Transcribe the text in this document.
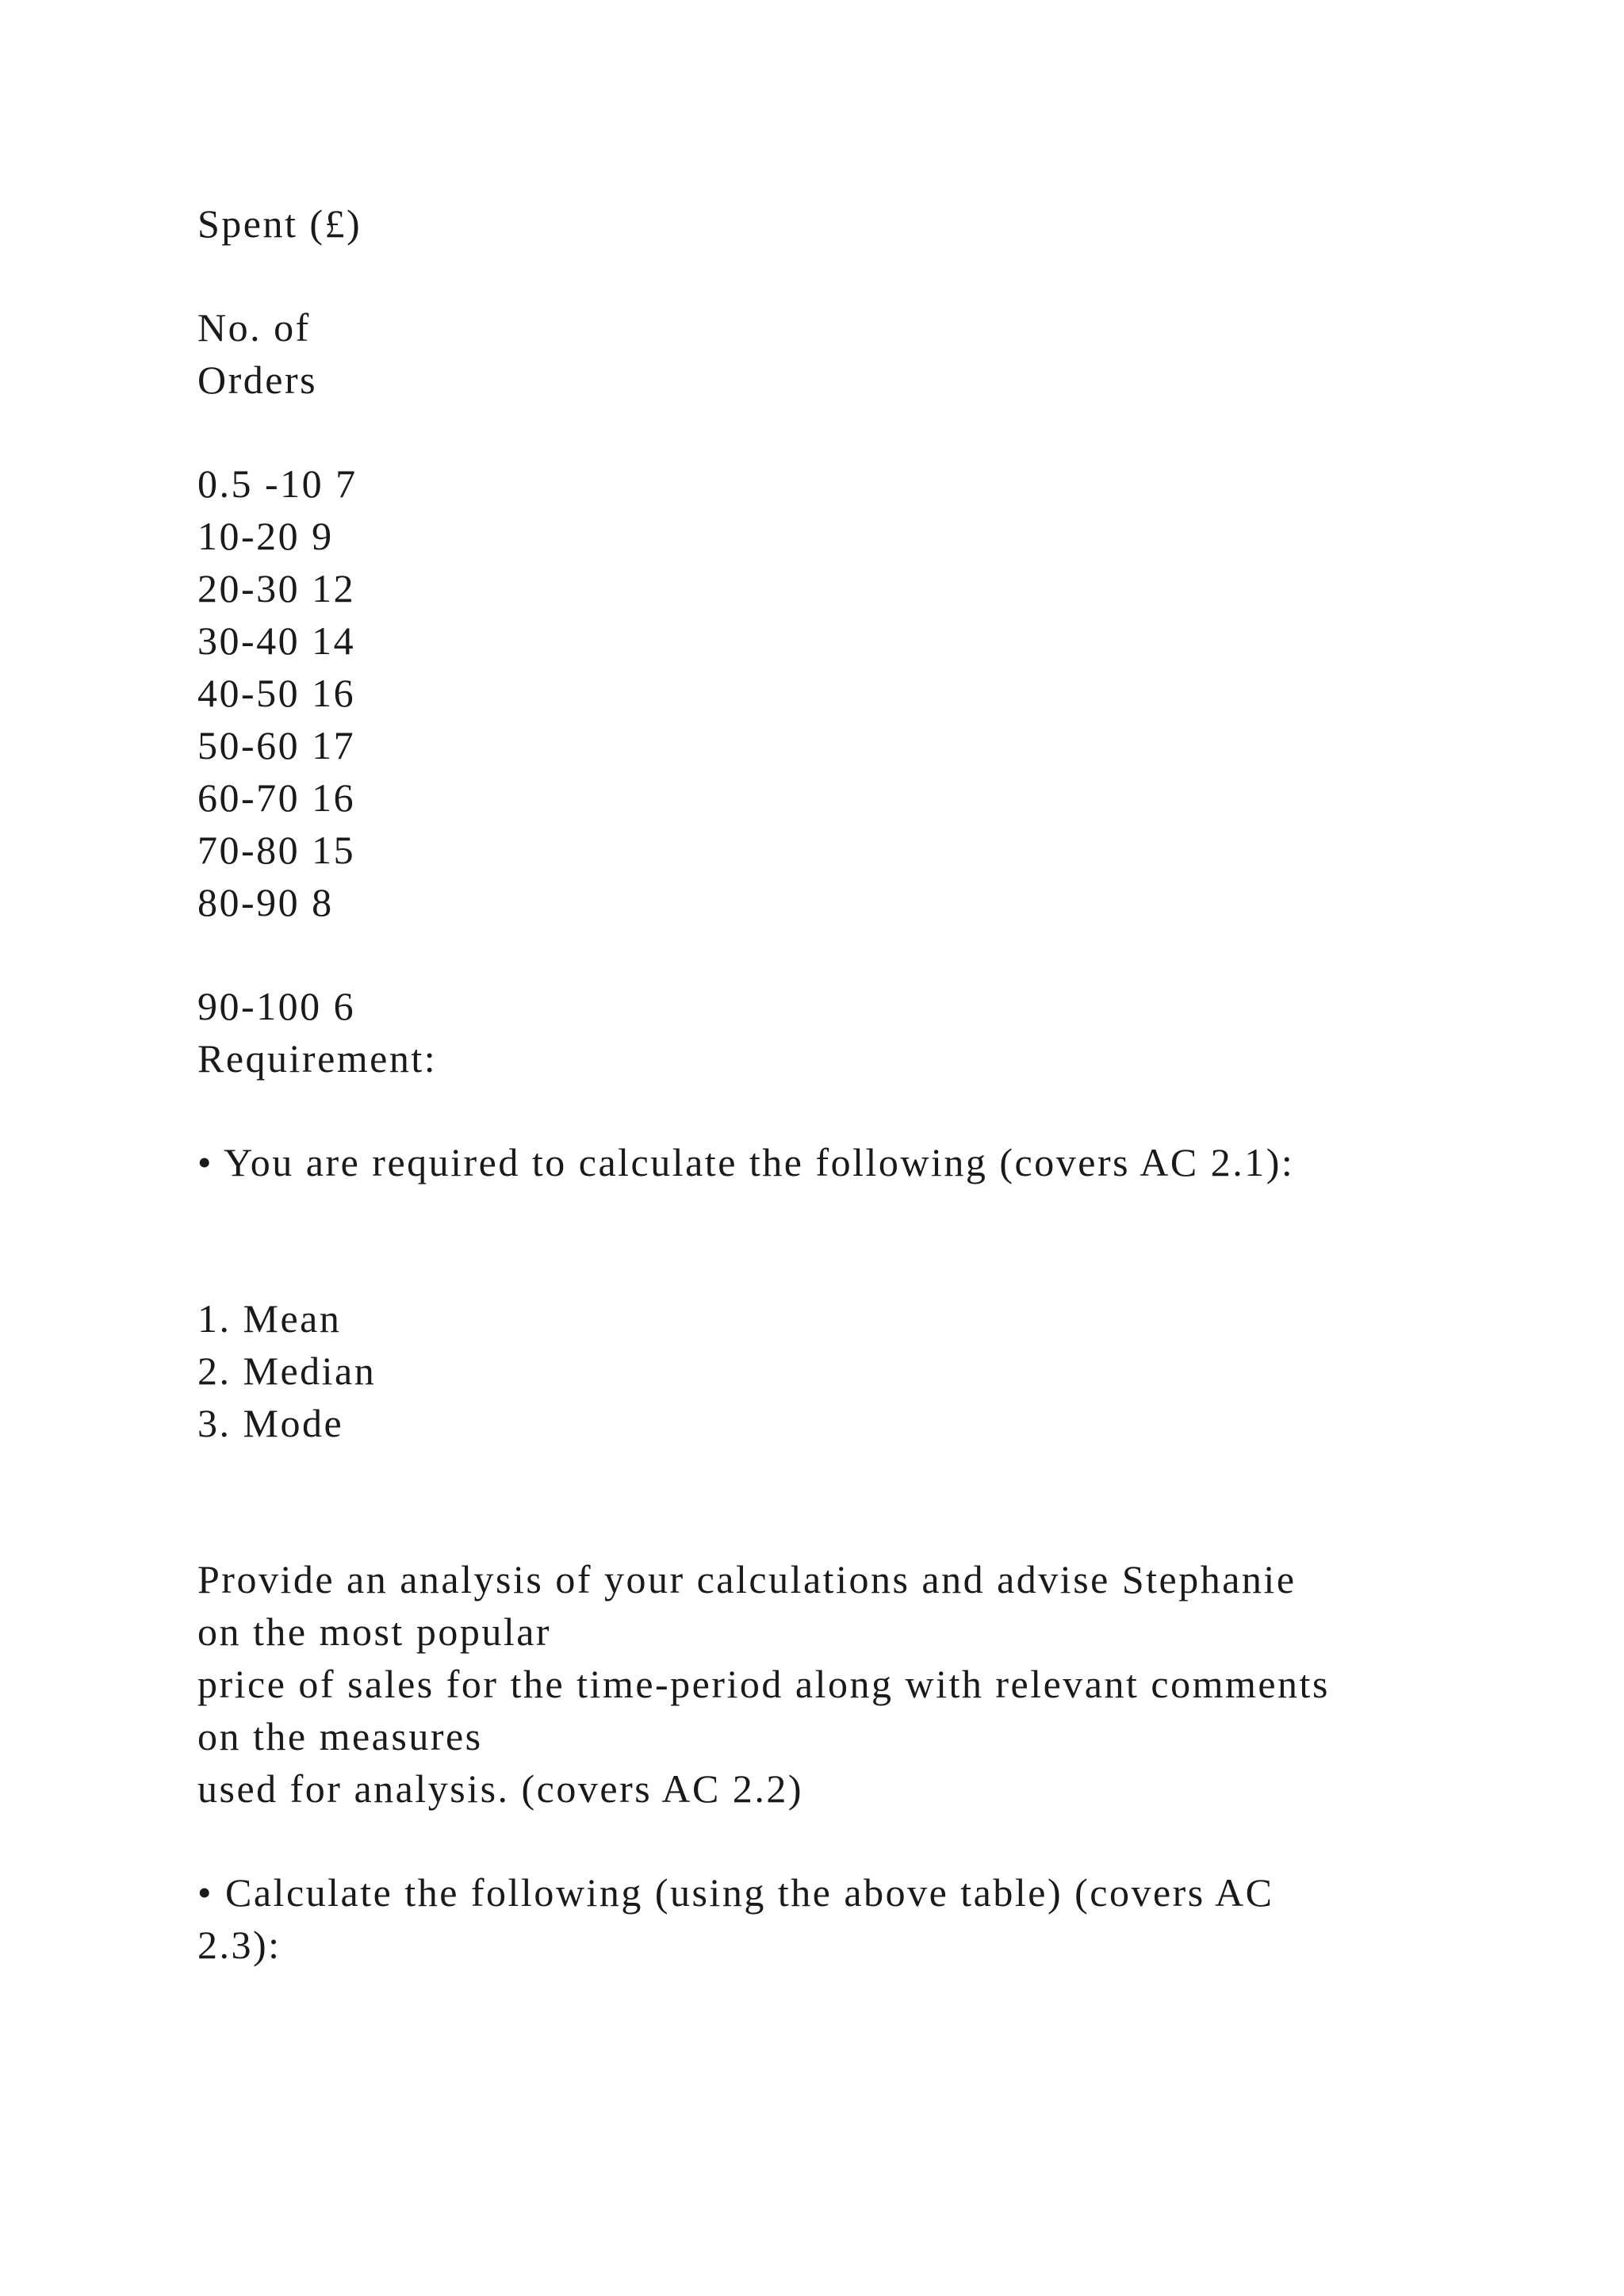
Spent (£)
No. of
Orders
0.5 -10 7
10-20 9
20-30 12
30-40 14
40-50 16
50-60 17
60-70 16
70-80 15
80-90 8
90-100 6
Requirement:
• You are required to calculate the following (covers AC 2.1):
1. Mean
2. Median
3. Mode
Provide an analysis of your calculations and advise Stephanie
on the most popular
price of sales for the time-period along with relevant comments
on the measures
used for analysis. (covers AC 2.2)
• Calculate the following (using the above table) (covers AC
2.3):
